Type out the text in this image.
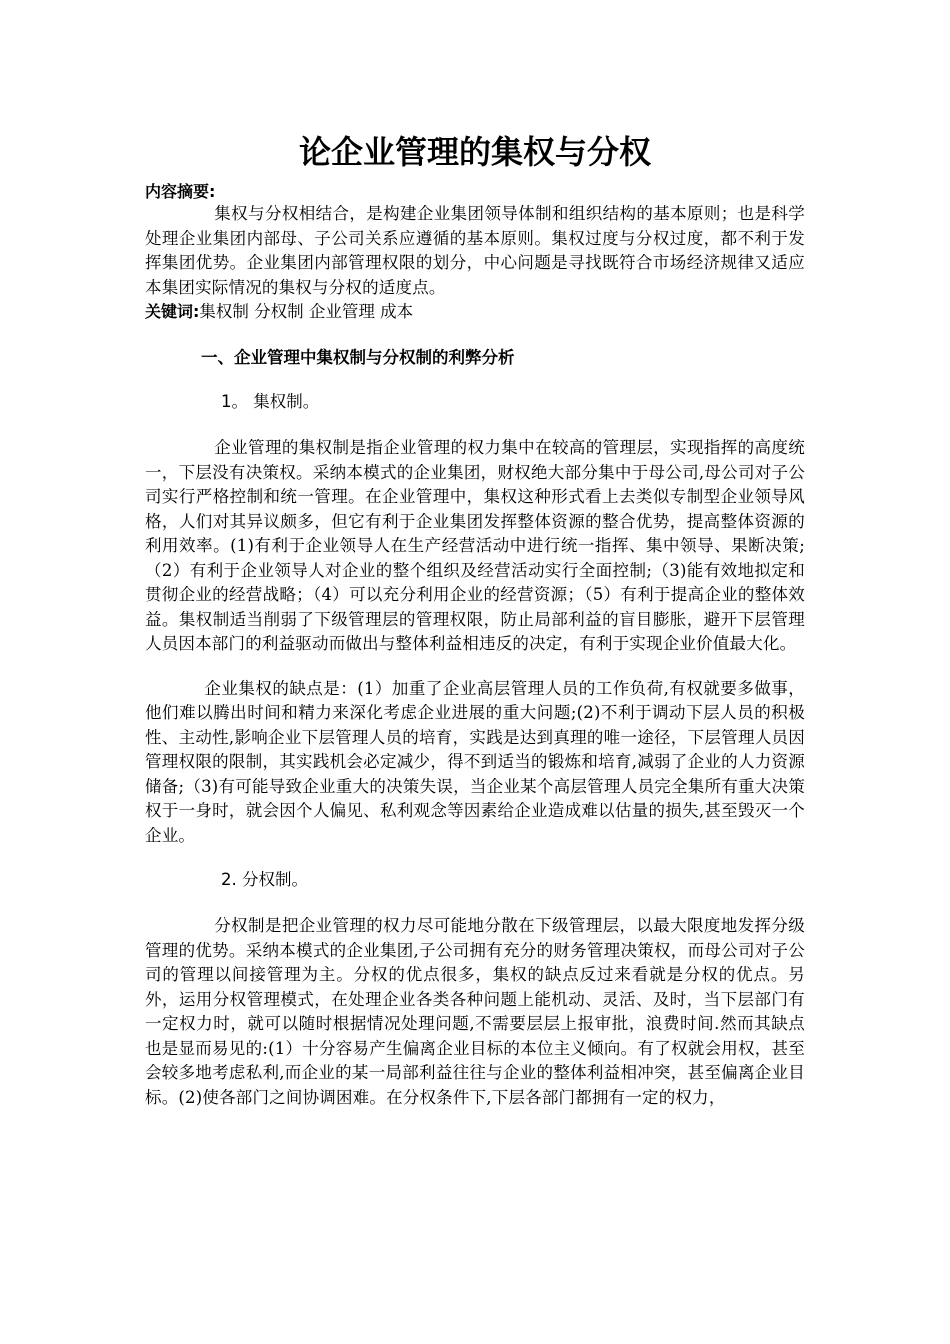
论企业管理的集权与分权

内容摘要:

集权与分权相结合，是构建企业集团领导体制和组织结构的基本原则；也是科学处理企业集团内部母、子公司关系应遵循的基本原则。集权过度与分权过度，都不利于发挥集团优势。企业集团内部管理权限的划分，中心问题是寻找既符合市场经济规律又适应本集团实际情况的集权与分权的适度点。

关键词:集权制 分权制 企业管理 成本

一、企业管理中集权制与分权制的利弊分析
1。 集权制。

企业管理的集权制是指企业管理的权力集中在较高的管理层，实现指挥的高度统一，下层没有决策权。采纳本模式的企业集团，财权绝大部分集中于母公司,母公司对子公司实行严格控制和统一管理。在企业管理中，集权这种形式看上去类似专制型企业领导风格，人们对其异议颇多，但它有利于企业集团发挥整体资源的整合优势，提高整体资源的利用效率。(1)有利于企业领导人在生产经营活动中进行统一指挥、集中领导、果断决策;（2）有利于企业领导人对企业的整个组织及经营活动实行全面控制;（3)能有效地拟定和贯彻企业的经营战略；（4）可以充分利用企业的经营资源；（5）有利于提高企业的整体效益。集权制适当削弱了下级管理层的管理权限，防止局部利益的盲目膨胀，避开下层管理人员因本部门的利益驱动而做出与整体利益相违反的决定，有利于实现企业价值最大化。

企业集权的缺点是：(1）加重了企业高层管理人员的工作负荷,有权就要多做事，他们难以腾出时间和精力来深化考虑企业进展的重大问题;(2)不利于调动下层人员的积极性、主动性,影响企业下层管理人员的培育，实践是达到真理的唯一途径，下层管理人员因管理权限的限制，其实践机会必定减少，得不到适当的锻炼和培育,减弱了企业的人力资源储备;（3)有可能导致企业重大的决策失误，当企业某个高层管理人员完全集所有重大决策权于一身时，就会因个人偏见、私利观念等因素给企业造成难以估量的损失,甚至毁灭一个企业。

2. 分权制。

分权制是把企业管理的权力尽可能地分散在下级管理层，以最大限度地发挥分级管理的优势。采纳本模式的企业集团,子公司拥有充分的财务管理决策权，而母公司对子公司的管理以间接管理为主。分权的优点很多，集权的缺点反过来看就是分权的优点。另外，运用分权管理模式，在处理企业各类各种问题上能机动、灵活、及时，当下层部门有一定权力时，就可以随时根据情况处理问题,不需要层层上报审批，浪费时间.然而其缺点也是显而易见的:(1）十分容易产生偏离企业目标的本位主义倾向。有了权就会用权，甚至会较多地考虑私利,而企业的某一局部利益往往与企业的整体利益相冲突，甚至偏离企业目标。(2)使各部门之间协调困难。在分权条件下,下层各部门都拥有一定的权力，
